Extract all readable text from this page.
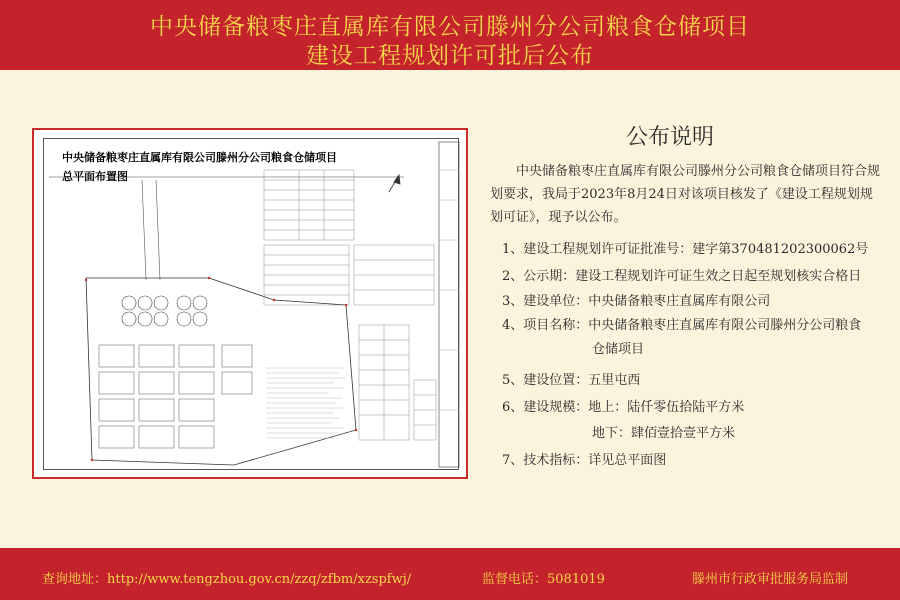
中央储备粮枣庄直属库有限公司滕州分公司粮食仓储项目
建设工程规划许可批后公布
中央储备粮枣庄直属库有限公司滕州分公司粮食仓储项目
总平面布置图
公布说明
中央储备粮枣庄直属库有限公司滕州分公司粮食仓储项目符合规划要求，我局于2023年8月24日对该项目核发了《建设工程规划规划可证》，现予以公布。
1、建设工程规划许可证批准号：建字第370481202300062号
2、公示期：建设工程规划许可证生效之日起至规划核实合格日
3、建设单位：中央储备粮枣庄直属库有限公司
4、项目名称：中央储备粮枣庄直属库有限公司滕州分公司粮食
仓储项目
5、建设位置：五里屯西
6、建设规模：地上：陆仟零伍拾陆平方米
地下：肆佰壹拾壹平方米
7、技术指标：详见总平面图
查询地址：http://www.tengzhou.gov.cn/zzq/zfbm/xzspfwj/	监督电话：5081019	滕州市行政审批服务局监制
